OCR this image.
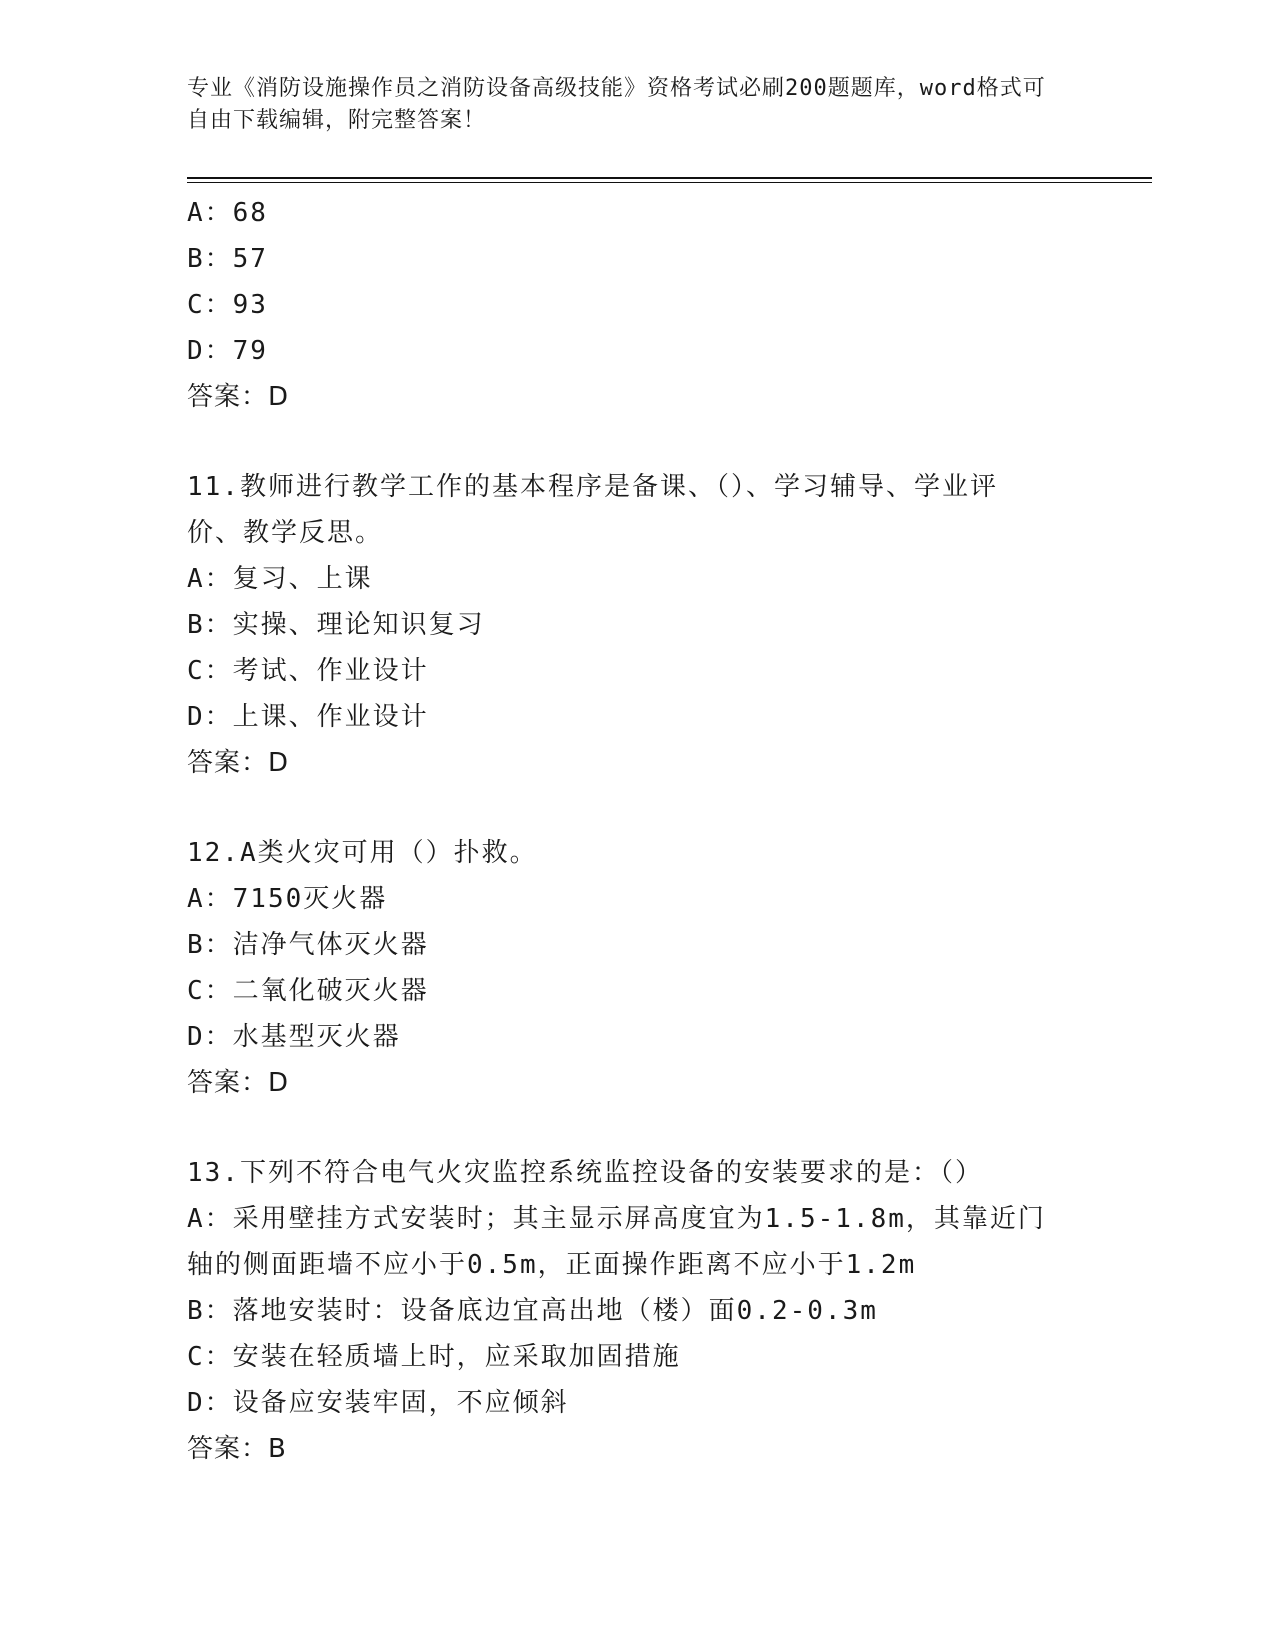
专业《消防设施操作员之消防设备高级技能》资格考试必刷200题题库，word格式可自由下载编辑，附完整答案！
A：68
B：57
C：93
D：79
答案：D
11.教师进行教学工作的基本程序是备课、（）、学习辅导、学业评价、教学反思。
A：复习、上课
B：实操、理论知识复习
C：考试、作业设计
D：上课、作业设计
答案：D
12.A类火灾可用（）扑救。
A：7150灭火器
B：洁净气体灭火器
C：二氧化破灭火器
D：水基型灭火器
答案：D
13.下列不符合电气火灾监控系统监控设备的安装要求的是：（）
A：采用壁挂方式安装时；其主显示屏高度宜为1.5-1.8m，其靠近门轴的侧面距墙不应小于0.5m，正面操作距离不应小于1.2m
B：落地安装时：设备底边宜高出地（楼）面0.2-0.3m
C：安装在轻质墙上时，应采取加固措施
D：设备应安装牢固，不应倾斜
答案：B
